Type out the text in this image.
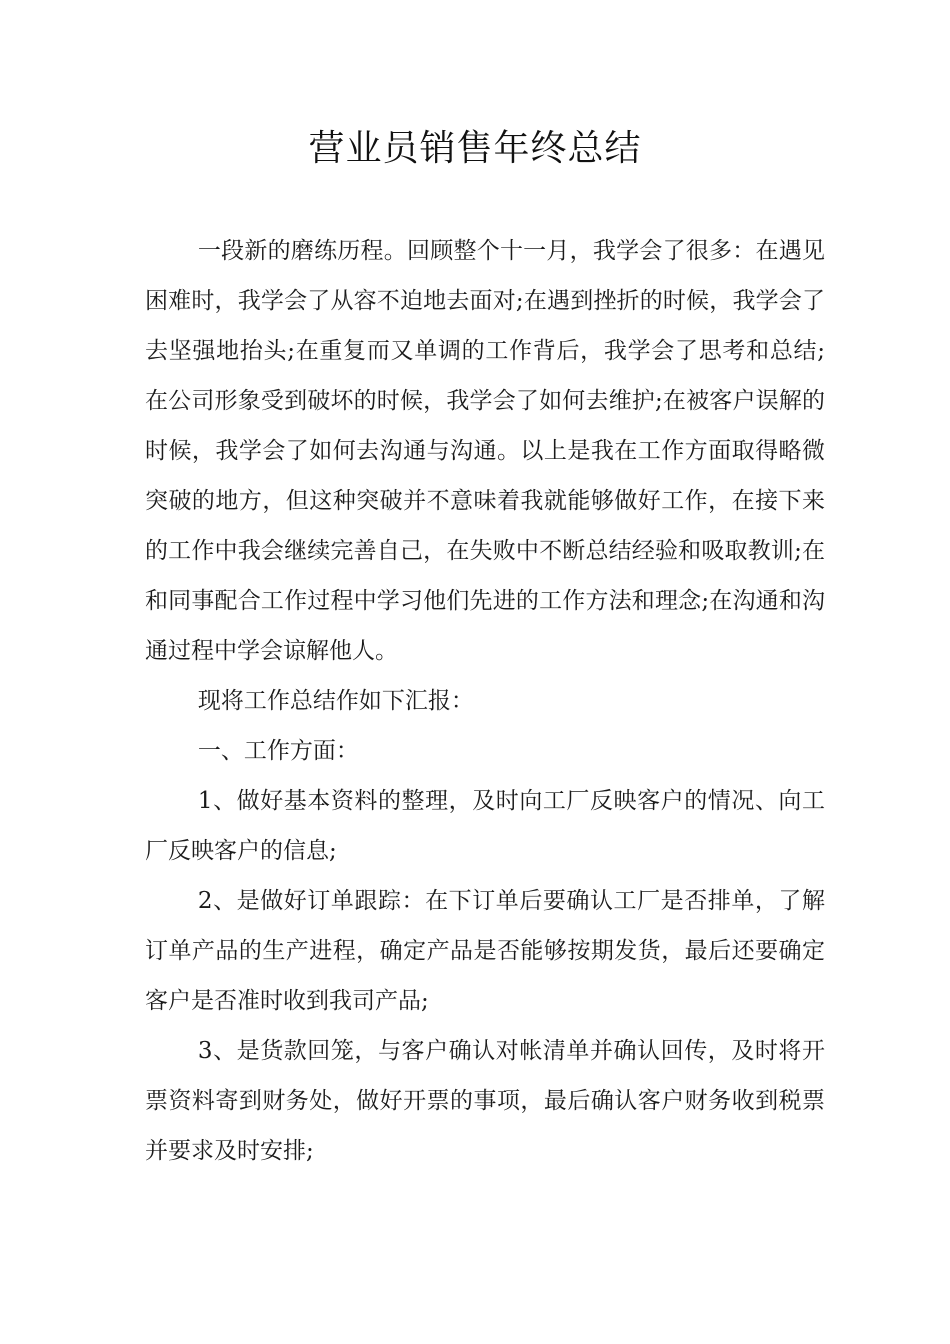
营业员销售年终总结

一段新的磨练历程。回顾整个十一月，我学会了很多：在遇见困难时，我学会了从容不迫地去面对;在遇到挫折的时候，我学会了去坚强地抬头;在重复而又单调的工作背后，我学会了思考和总结;在公司形象受到破坏的时候，我学会了如何去维护;在被客户误解的时候，我学会了如何去沟通与沟通。以上是我在工作方面取得略微突破的地方，但这种突破并不意味着我就能够做好工作，在接下来的工作中我会继续完善自己，在失败中不断总结经验和吸取教训;在和同事配合工作过程中学习他们先进的工作方法和理念;在沟通和沟通过程中学会谅解他人。

现将工作总结作如下汇报：

一、工作方面：

1、做好基本资料的整理，及时向工厂反映客户的情况、向工厂反映客户的信息;

2、是做好订单跟踪：在下订单后要确认工厂是否排单，了解订单产品的生产进程，确定产品是否能够按期发货，最后还要确定客户是否准时收到我司产品;

3、是货款回笼，与客户确认对帐清单并确认回传，及时将开票资料寄到财务处，做好开票的事项，最后确认客户财务收到税票并要求及时安排;
